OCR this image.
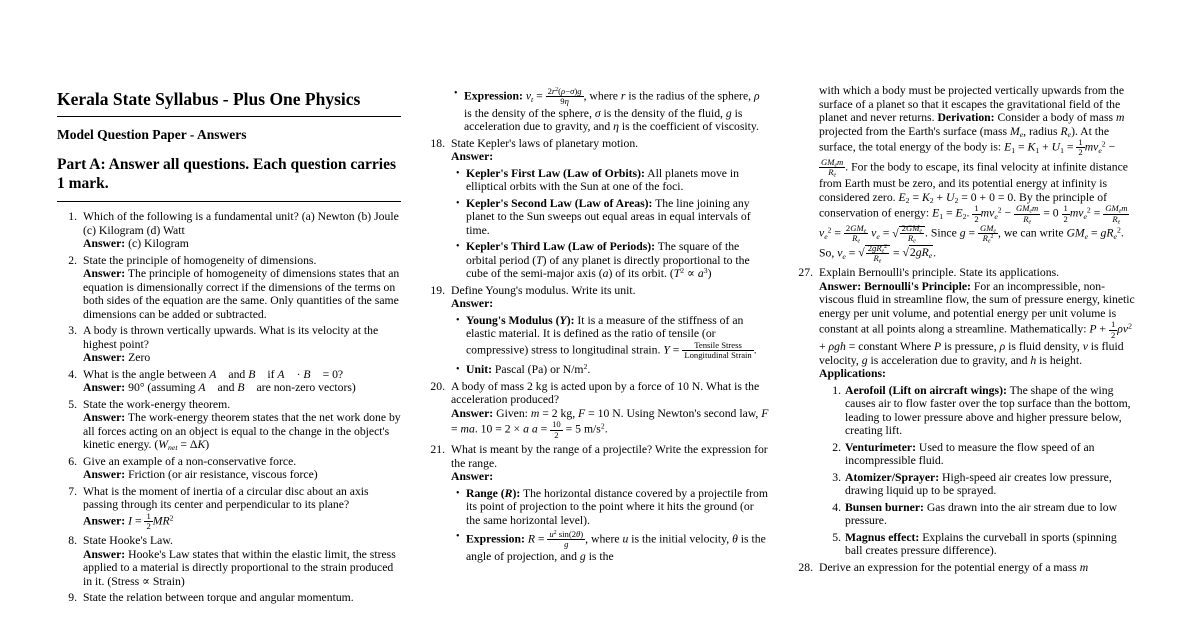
Kerala State Syllabus - Plus One Physics
Model Question Paper - Answers
Part A: Answer all questions. Each question carries 1 mark.
1. Which of the following is a fundamental unit? (a) Newton (b) Joule (c) Kilogram (d) Watt
Answer: (c) Kilogram
2. State the principle of homogeneity of dimensions.
Answer: The principle of homogeneity of dimensions states that an equation is dimensionally correct if the dimensions of the terms on both sides of the equation are the same. Only quantities of the same dimensions can be added or subtracted.
3. A body is thrown vertically upwards. What is its velocity at the highest point?
Answer: Zero
4. What is the angle between A⃗ and B⃗ if A⃗ · B⃗ = 0?
Answer: 90° (assuming A⃗ and B⃗ are non-zero vectors)
5. State the work-energy theorem.
Answer: The work-energy theorem states that the net work done by all forces acting on an object is equal to the change in the object's kinetic energy. $(W_{net} = \Delta K)$
6. Give an example of a non-conservative force.
Answer: Friction (or air resistance, viscous force)
7. What is the moment of inertia of a circular disc about an axis passing through its center and perpendicular to its plane?
Answer: $I = \frac{1}{2} MR^2$
8. State Hooke's Law.
Answer: Hooke's Law states that within the elastic limit, the stress applied to a material is directly proportional to the strain produced in it. (Stress ∝ Strain)
9. State the relation between torque and angular momentum.
• Expression: $v_t = \frac{2r^2(\rho-\sigma)g}{9\eta}$ , where r is the radius of the sphere, ρ is the density of the sphere, σ is the density of the fluid, g is acceleration due to gravity, and η is the coefficient of viscosity.
18. State Kepler's laws of planetary motion.
Answer:
• Kepler's First Law (Law of Orbits): All planets move in elliptical orbits with the Sun at one of the foci.
• Kepler's Second Law (Law of Areas): The line joining any planet to the Sun sweeps out equal areas in equal intervals of time.
• Kepler's Third Law (Law of Periods): The square of the orbital period (T) of any planet is directly proportional to the cube of the semi-major axis (a) of its orbit. $(T^2 \propto a^3)$
19. Define Young's modulus. Write its unit.
Answer:
• Young's Modulus (Y): It is a measure of the stiffness of an elastic material. It is defined as the ratio of tensile (or compressive) stress to longitudinal strain. $Y = \frac{\text{Tensile Stress}}{\text{Longitudinal Strain}}$ .
• Unit: Pascal (Pa) or $N/m^2$.
20. A body of mass 2 kg is acted upon by a force of 10 N. What is the acceleration produced?
Answer: Given: m = 2 kg, F = 10 N. Using Newton's second law, F = ma. 10 = 2 × a $a = \frac{10}{2} = 5$ $m/s^2$.
21. What is meant by the range of a projectile? Write the expression for the range.
Answer:
• Range (R): The horizontal distance covered by a projectile from its point of projection to the point where it hits the ground (or the same horizontal level).
• Expression: $R = \frac{u^2 \sin(2\theta)}{g}$ , where u is the initial velocity, θ is the angle of projection, and g is the
with which a body must be projected vertically upwards from the surface of a planet so that it escapes the gravitational field of the planet and never returns. Derivation: Consider a body of mass m projected from the Earth's surface (mass $M_e$, radius $R_e$). At the surface, the total energy of the body is: $E_1 = K_1 + U_1 = \frac{1}{2} mv_e^2$ −
$\frac{GM_em}{R_e}$ . For the body to escape, its final velocity at infinite distance from Earth must be zero, and its potential energy at infinity is considered zero. $E_2 = K_2 + U_2 = 0 + 0 = 0$. By the principle of conservation of energy: $E_1 = E_2$. $\frac{1}{2} mv_e^2 - \frac{GM_em}{R_e} = 0 \frac{1}{2} mv_e^2 = \frac{GM_em}{R_e}$
$v_e^2 = \frac{2GM_e}{R_e} v_e$ = √ $\frac{2GM_e}{R_e}$ . Since $g = \frac{GM_e}{R_e^2}$ , we can write $GM_e = gR_e^2$. So, $v_e$ = √ $\frac{2gR_e^2}{R_e} = √2gR_e$.
27. Explain Bernoulli's principle. State its applications.
Answer: Bernoulli's Principle: For an incompressible, non-viscous fluid in streamline flow, the sum of pressure energy, kinetic energy per unit volume, and potential energy per unit volume is constant at all points along a streamline. Mathematically: $P + \frac{1}{2} \rho v^2 + \rho gh$ = constant Where P is pressure, ρ is fluid density, v is fluid velocity, g is acceleration due to gravity, and h is height. Applications:
1. Aerofoil (Lift on aircraft wings): The shape of the wing causes air to flow faster over the top surface than the bottom, leading to lower pressure above and higher pressure below, creating lift.
2. Venturimeter: Used to measure the flow speed of an incompressible fluid.
3. Atomizer/Sprayer: High-speed air creates low pressure, drawing liquid up to be sprayed.
4. Bunsen burner: Gas drawn into the air stream due to low pressure.
5. Magnus effect: Explains the curveball in sports (spinning ball creates pressure difference).
28. Derive an expression for the potential energy of a mass m
